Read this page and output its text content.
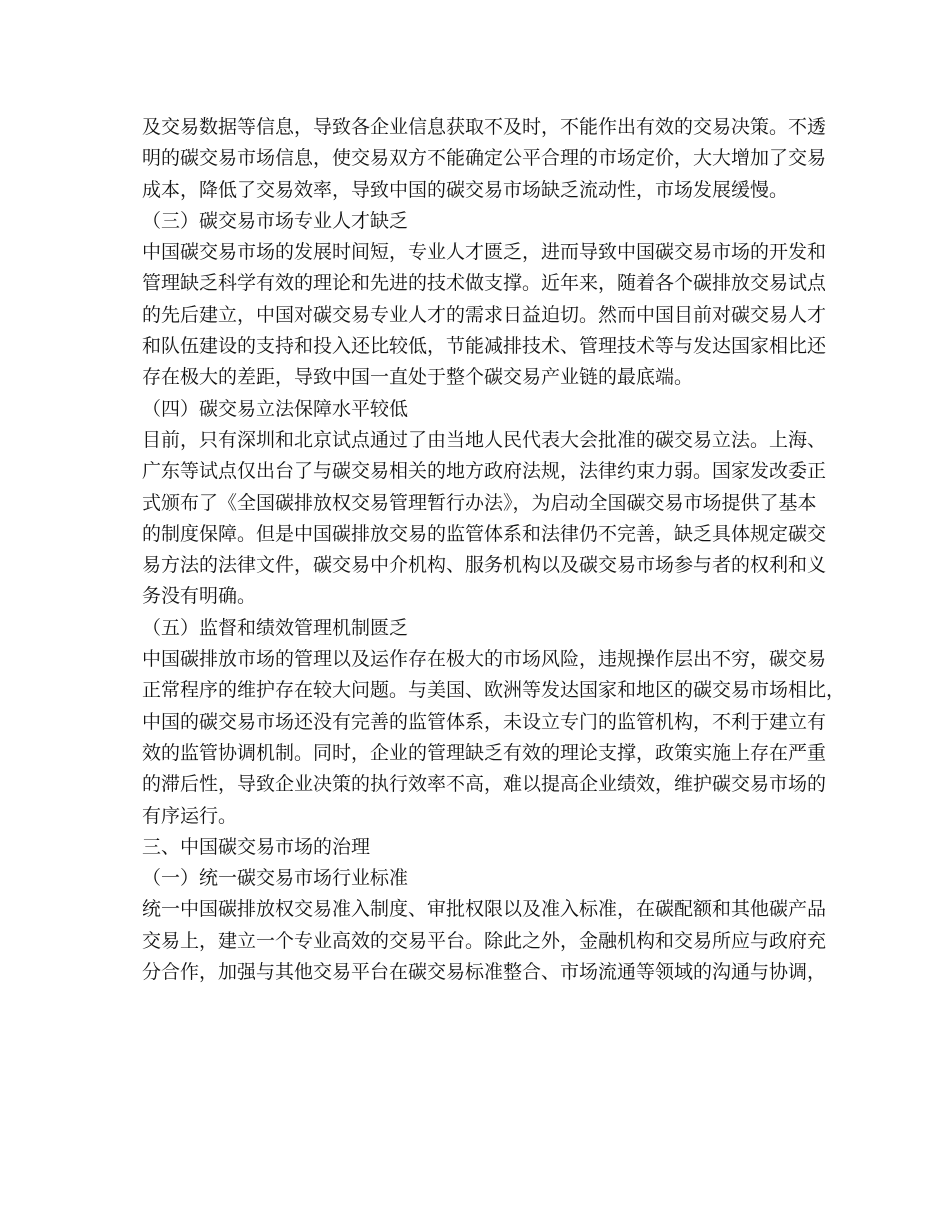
及交易数据等信息，导致各企业信息获取不及时，不能作出有效的交易决策。不透
明的碳交易市场信息，使交易双方不能确定公平合理的市场定价，大大增加了交易
成本，降低了交易效率，导致中国的碳交易市场缺乏流动性，市场发展缓慢。
（三）碳交易市场专业人才缺乏
中国碳交易市场的发展时间短，专业人才匮乏，进而导致中国碳交易市场的开发和
管理缺乏科学有效的理论和先进的技术做支撑。近年来，随着各个碳排放交易试点
的先后建立，中国对碳交易专业人才的需求日益迫切。然而中国目前对碳交易人才
和队伍建设的支持和投入还比较低，节能减排技术、管理技术等与发达国家相比还
存在极大的差距，导致中国一直处于整个碳交易产业链的最底端。
（四）碳交易立法保障水平较低
目前，只有深圳和北京试点通过了由当地人民代表大会批准的碳交易立法。上海、
广东等试点仅出台了与碳交易相关的地方政府法规，法律约束力弱。国家发改委正
式颁布了《全国碳排放权交易管理暂行办法》，为启动全国碳交易市场提供了基本
的制度保障。但是中国碳排放交易的监管体系和法律仍不完善，缺乏具体规定碳交
易方法的法律文件，碳交易中介机构、服务机构以及碳交易市场参与者的权利和义
务没有明确。
（五）监督和绩效管理机制匮乏
中国碳排放市场的管理以及运作存在极大的市场风险，违规操作层出不穷，碳交易
正常程序的维护存在较大问题。与美国、欧洲等发达国家和地区的碳交易市场相比，
中国的碳交易市场还没有完善的监管体系，未设立专门的监管机构，不利于建立有
效的监管协调机制。同时，企业的管理缺乏有效的理论支撑，政策实施上存在严重
的滞后性，导致企业决策的执行效率不高，难以提高企业绩效，维护碳交易市场的
有序运行。
三、中国碳交易市场的治理
（一）统一碳交易市场行业标准
统一中国碳排放权交易准入制度、审批权限以及准入标准，在碳配额和其他碳产品
交易上，建立一个专业高效的交易平台。除此之外，金融机构和交易所应与政府充
分合作，加强与其他交易平台在碳交易标准整合、市场流通等领域的沟通与协调，
